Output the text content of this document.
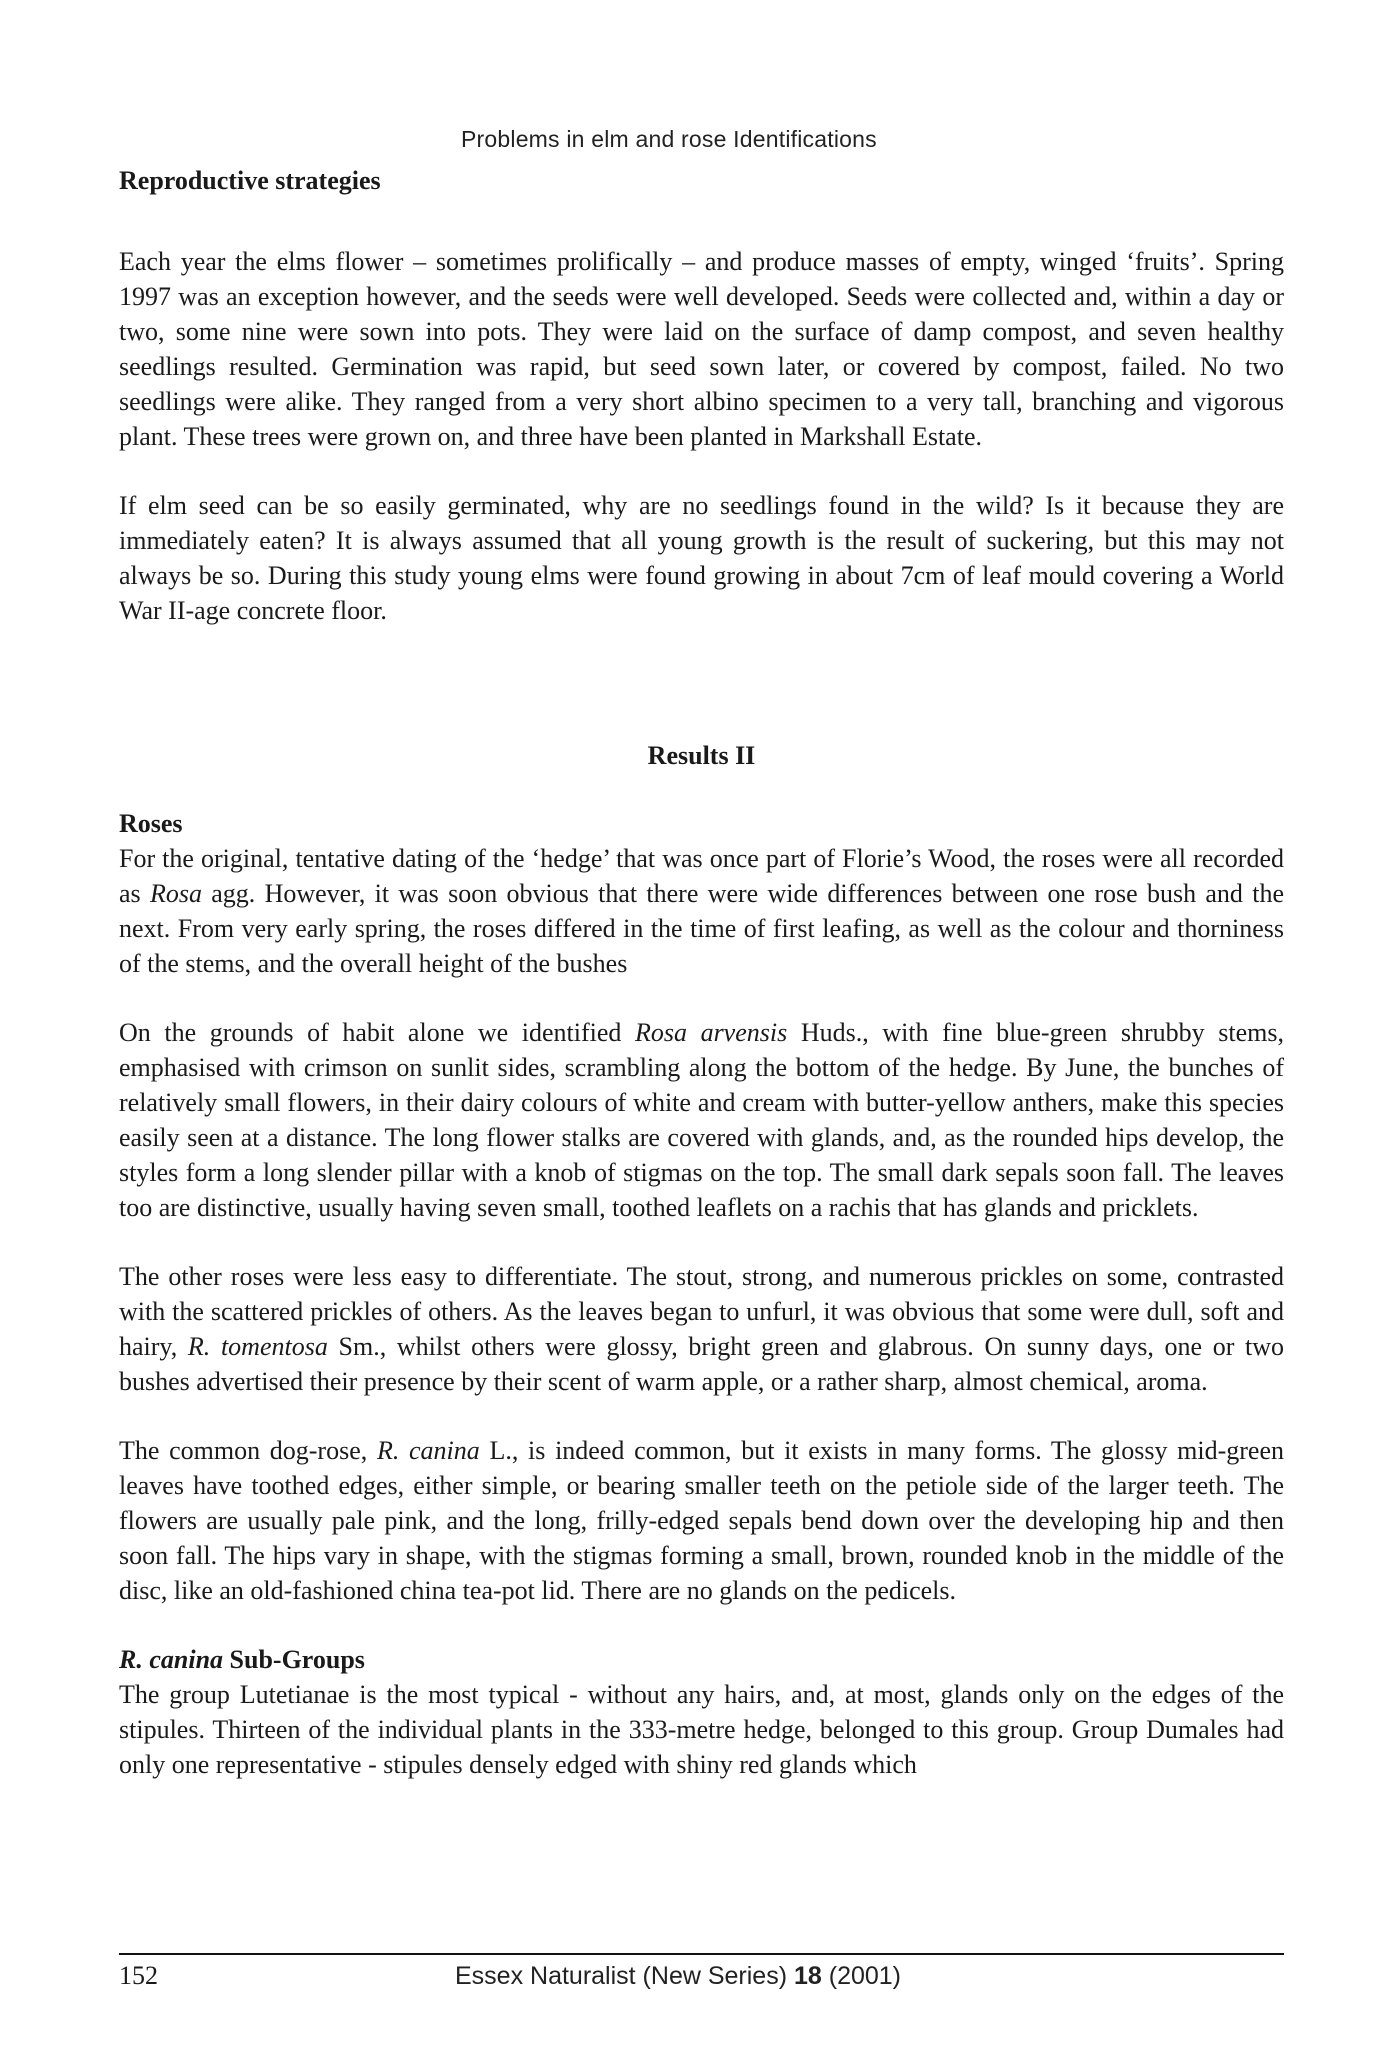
Problems in elm and rose Identifications
Reproductive strategies

Each year the elms flower – sometimes prolifically – and produce masses of empty, winged ‘fruits’. Spring 1997 was an exception however, and the seeds were well developed. Seeds were collected and, within a day or two, some nine were sown into pots. They were laid on the surface of damp compost, and seven healthy seedlings resulted. Germination was rapid, but seed sown later, or covered by compost, failed. No two seedlings were alike. They ranged from a very short albino specimen to a very tall, branching and vigorous plant. These trees were grown on, and three have been planted in Markshall Estate.

If elm seed can be so easily germinated, why are no seedlings found in the wild? Is it because they are immediately eaten? It is always assumed that all young growth is the result of suckering, but this may not always be so. During this study young elms were found growing in about 7cm of leaf mould covering a World War II-age concrete floor.

Results II
Roses

For the original, tentative dating of the ‘hedge’ that was once part of Florie’s Wood, the roses were all recorded as Rosa agg. However, it was soon obvious that there were wide differences between one rose bush and the next. From very early spring, the roses differed in the time of first leafing, as well as the colour and thorniness of the stems, and the overall height of the bushes

On the grounds of habit alone we identified Rosa arvensis Huds., with fine blue-green shrubby stems, emphasised with crimson on sunlit sides, scrambling along the bottom of the hedge. By June, the bunches of relatively small flowers, in their dairy colours of white and cream with butter-yellow anthers, make this species easily seen at a distance. The long flower stalks are covered with glands, and, as the rounded hips develop, the styles form a long slender pillar with a knob of stigmas on the top. The small dark sepals soon fall. The leaves too are distinctive, usually having seven small, toothed leaflets on a rachis that has glands and pricklets.

The other roses were less easy to differentiate. The stout, strong, and numerous prickles on some, contrasted with the scattered prickles of others. As the leaves began to unfurl, it was obvious that some were dull, soft and hairy, R. tomentosa Sm., whilst others were glossy, bright green and glabrous. On sunny days, one or two bushes advertised their presence by their scent of warm apple, or a rather sharp, almost chemical, aroma.

The common dog-rose, R. canina L., is indeed common, but it exists in many forms. The glossy mid-green leaves have toothed edges, either simple, or bearing smaller teeth on the petiole side of the larger teeth. The flowers are usually pale pink, and the long, frilly-edged sepals bend down over the developing hip and then soon fall. The hips vary in shape, with the stigmas forming a small, brown, rounded knob in the middle of the disc, like an old-fashioned china tea-pot lid. There are no glands on the pedicels.

R. canina Sub-Groups

The group Lutetianae is the most typical - without any hairs, and, at most, glands only on the edges of the stipules. Thirteen of the individual plants in the 333-metre hedge, belonged to this group. Group Dumales had only one representative - stipules densely edged with shiny red glands which

152	Essex Naturalist (New Series) 18 (2001)
